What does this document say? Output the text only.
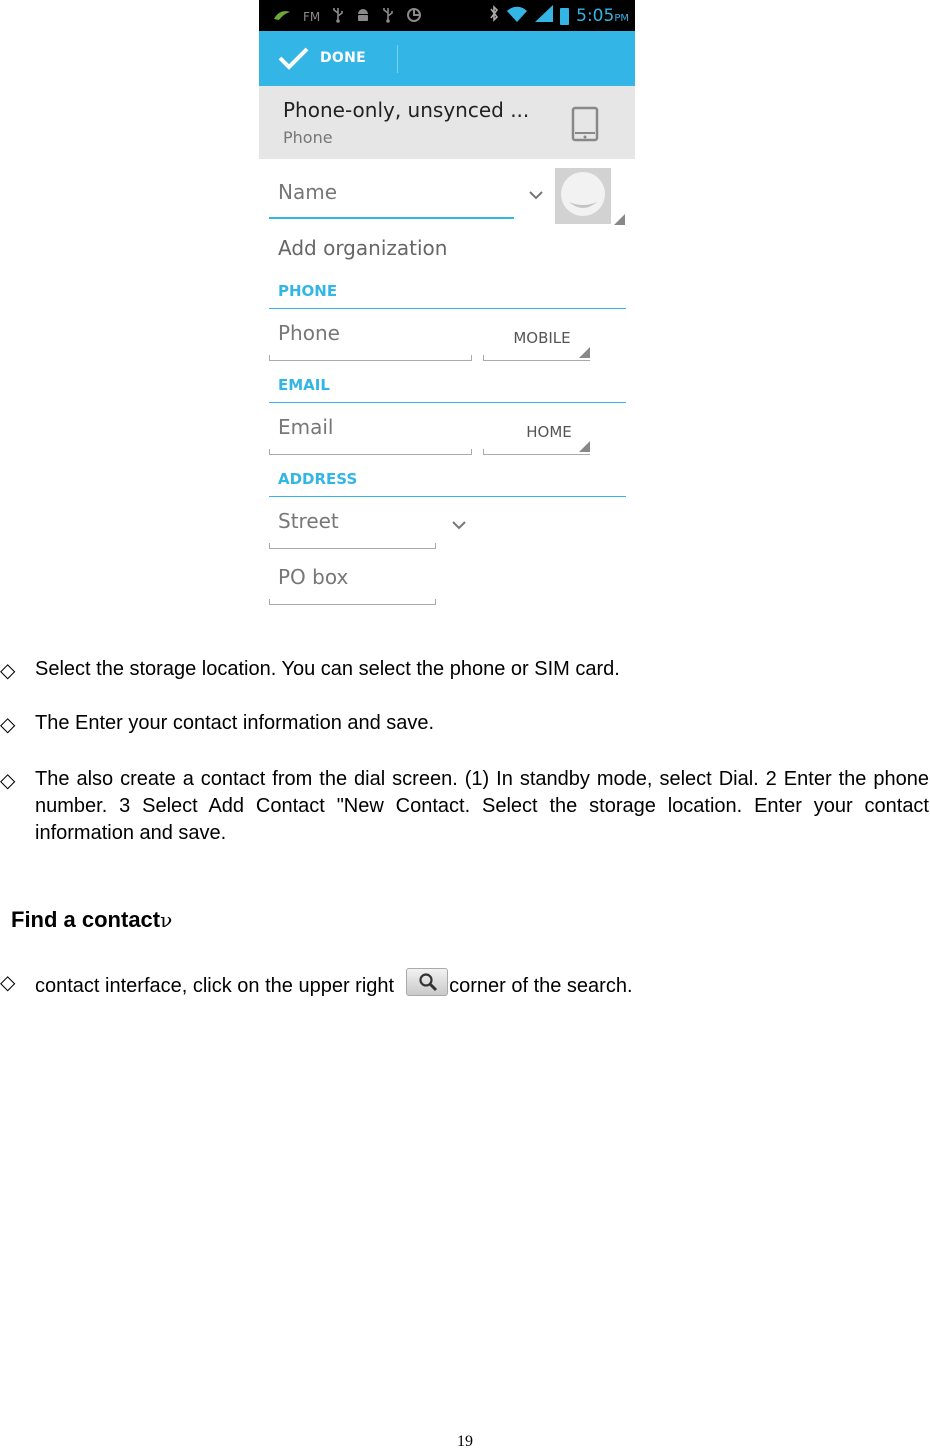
FM	5:05PM
DONE
Phone-only, unsynced ...
Phone
Name
Add organization
PHONE
Phone	MOBILE
EMAIL
Email	HOME
ADDRESS
Street
PO box
◇ Select the storage location. You can select the phone or SIM card.
◇ The Enter your contact information and save.
◇ The also create a contact from the dial screen. (1) In standby mode, select Dial. 2 Enter the phone number. 3 Select Add Contact "New Contact. Select the storage location. Enter your contact information and save.
Find a contactν
◇ contact interface, click on the upper right	corner of the search.
19
